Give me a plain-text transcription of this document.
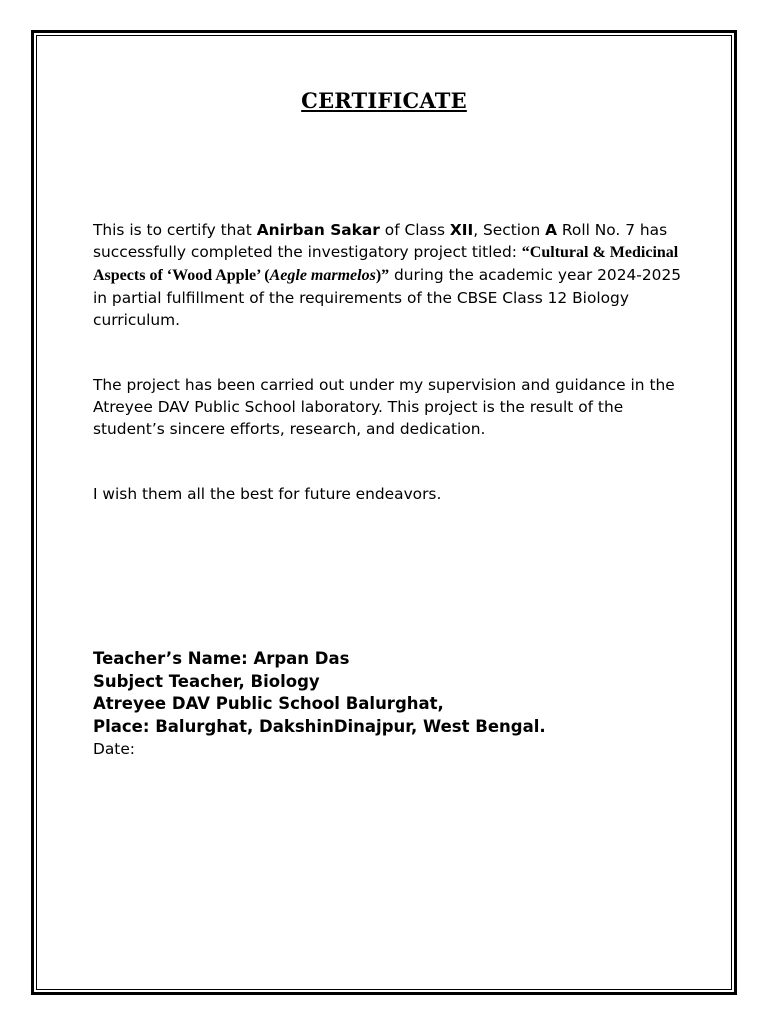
CERTIFICATE

This is to certify that Anirban Sakar of Class XII, Section A Roll No. 7 has successfully completed the investigatory project titled: “Cultural & Medicinal Aspects of ‘Wood Apple’ (Aegle marmelos)” during the academic year 2024-2025 in partial fulfillment of the requirements of the CBSE Class 12 Biology curriculum.

The project has been carried out under my supervision and guidance in the Atreyee DAV Public School laboratory. This project is the result of the student’s sincere efforts, research, and dedication.

I wish them all the best for future endeavors.

Teacher’s Name: Arpan Das
Subject Teacher, Biology
Atreyee DAV Public School Balurghat,
Place: Balurghat, DakshinDinajpur, West Bengal.
Date:
